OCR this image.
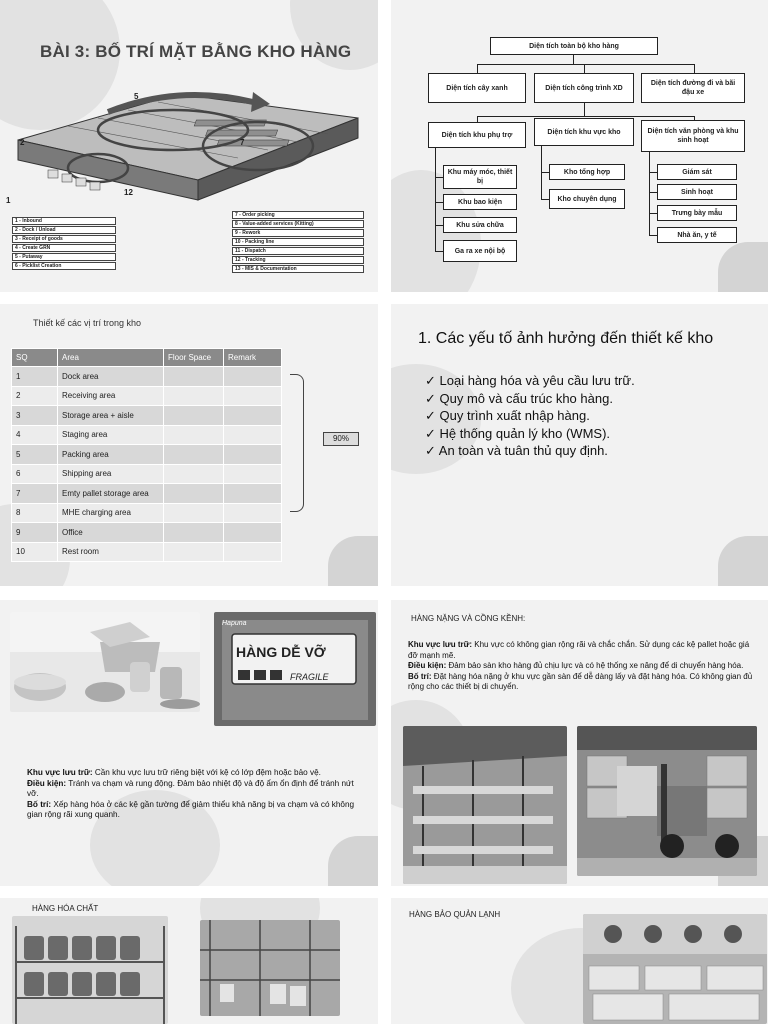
BÀI 3: BỐ TRÍ MẶT BẰNG KHO HÀNG
2
5
7
12
1
1 - Inbound
2 - Dock / Unload
3 - Receipt of goods
4 - Create GRN
5 - Putaway
6 - Picklist Creation
7 - Order picking
8 - Value-added services (Kitting)
9 - Rework
10 - Packing line
11 - Dispatch
12 - Tracking
13 - MIS & Documentation
Diện tích toàn bộ kho hàng
Diện tích cây xanh	Diện tích công trình XD
Diện tích đường đi và bãi đậu xe
Diện tích khu phụ trợ	Diện tích khu vực kho	Diện tích văn phòng và khu sinh hoạt
Khu máy móc, thiết bị
Khu bao kiện
Khu sửa chữa
Ga ra xe nội bộ
Kho tổng hợp
Kho chuyên dụng
Giám sát
Sinh hoạt
Trưng bày mẫu
Nhà ăn, y tế
Thiết kế các vị trí trong kho
SQ	Area	Floor Space	Remark
1	Dock area		
2	Receiving area		
3	Storage area + aisle		
4	Staging area		
5	Packing area		
6	Shipping area		
7	Emty pallet storage area		
8	MHE charging area		
9	Office		
10	Rest room		
90%
1. Các yếu tố ảnh hưởng đến thiết kế kho
✓ Loại hàng hóa và yêu cầu lưu trữ.
✓ Quy mô và cấu trúc kho hàng.
✓ Quy trình xuất nhập hàng.
✓ Hệ thống quản lý kho (WMS).
✓ An toàn và tuân thủ quy định.
Hapuna
HÀNG DỄ VỠ
FRAGILE

Khu vực lưu trữ: Cần khu vực lưu trữ riêng biệt với kệ có lớp đệm hoặc bảo vệ.

Điều kiện: Tránh va chạm và rung động. Đảm bảo nhiệt độ và độ ẩm ổn định để tránh nứt vỡ.

Bố trí: Xếp hàng hóa ở các kệ gần tường để giảm thiểu khả năng bị va chạm và có không gian rộng rãi xung quanh.

HÀNG NẶNG VÀ CỒNG KỀNH:

Khu vực lưu trữ: Khu vực có không gian rộng rãi và chắc chắn. Sử dụng các kệ pallet hoặc giá đỡ mạnh mẽ.

Điều kiện: Đảm bảo sàn kho hàng đủ chịu lực và có hệ thống xe nâng để di chuyển hàng hóa.

Bố trí: Đặt hàng hóa nặng ở khu vực gần sàn để dễ dàng lấy và đặt hàng hóa. Có không gian đủ rộng cho các thiết bị di chuyển.

HÀNG HÓA CHẤT
HÀNG BẢO QUẢN LẠNH
